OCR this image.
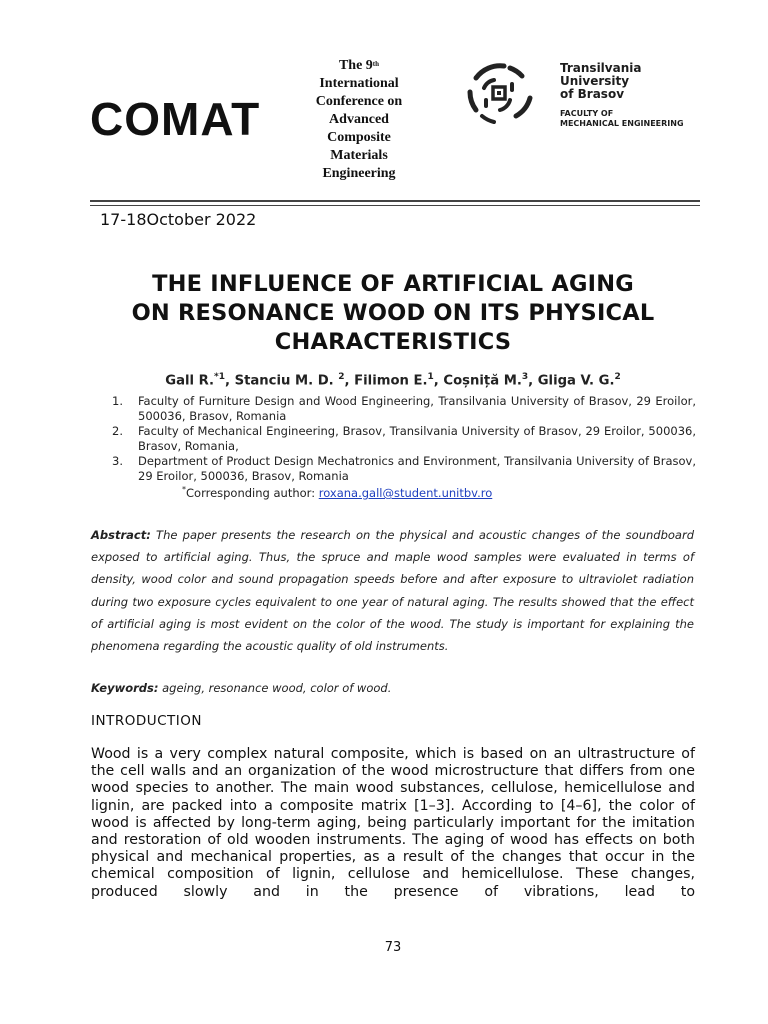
COMAT
The 9th
International
Conference on
Advanced
Composite
Materials
Engineering
Transilvania
University
of Brasov
FACULTY OF
MECHANICAL ENGINEERING
17-18October 2022
THE INFLUENCE OF ARTIFICIAL AGING
ON RESONANCE WOOD ON ITS PHYSICAL
CHARACTERISTICS
Gall R.$^{*1}$, Stanciu M. D. $^2$, Filimon E.$^1$, Coșniță M.$^3$, Gliga V. G.$^2$
1. Faculty of Furniture Design and Wood Engineering, Transilvania University of Brasov, 29 Eroilor, 500036, Brasov, Romania
2. Faculty of Mechanical Engineering, Brasov, Transilvania University of Brasov, 29 Eroilor, 500036, Brasov, Romania,
3. Department of Product Design Mechatronics and Environment, Transilvania University of Brasov, 29 Eroilor, 500036, Brasov, Romania
*Corresponding author: roxana.gall@student.unitbv.ro
Abstract: The paper presents the research on the physical and acoustic changes of the soundboard exposed to artificial aging. Thus, the spruce and maple wood samples were evaluated in terms of density, wood color and sound propagation speeds before and after exposure to ultraviolet radiation during two exposure cycles equivalent to one year of natural aging. The results showed that the effect of artificial aging is most evident on the color of the wood. The study is important for explaining the phenomena regarding the acoustic quality of old instruments.
Keywords: ageing, resonance wood, color of wood.
INTRODUCTION
Wood is a very complex natural composite, which is based on an ultrastructure of the cell walls and an organization of the wood microstructure that differs from one wood species to another. The main wood substances, cellulose, hemicellulose and lignin, are packed into a composite matrix [1–3]. According to [4–6], the color of wood is affected by long-term aging, being particularly important for the imitation and restoration of old wooden instruments. The aging of wood has effects on both physical and mechanical properties, as a result of the changes that occur in the chemical composition of lignin, cellulose and hemicellulose. These changes, produced slowly and in the presence of vibrations, lead to
73
